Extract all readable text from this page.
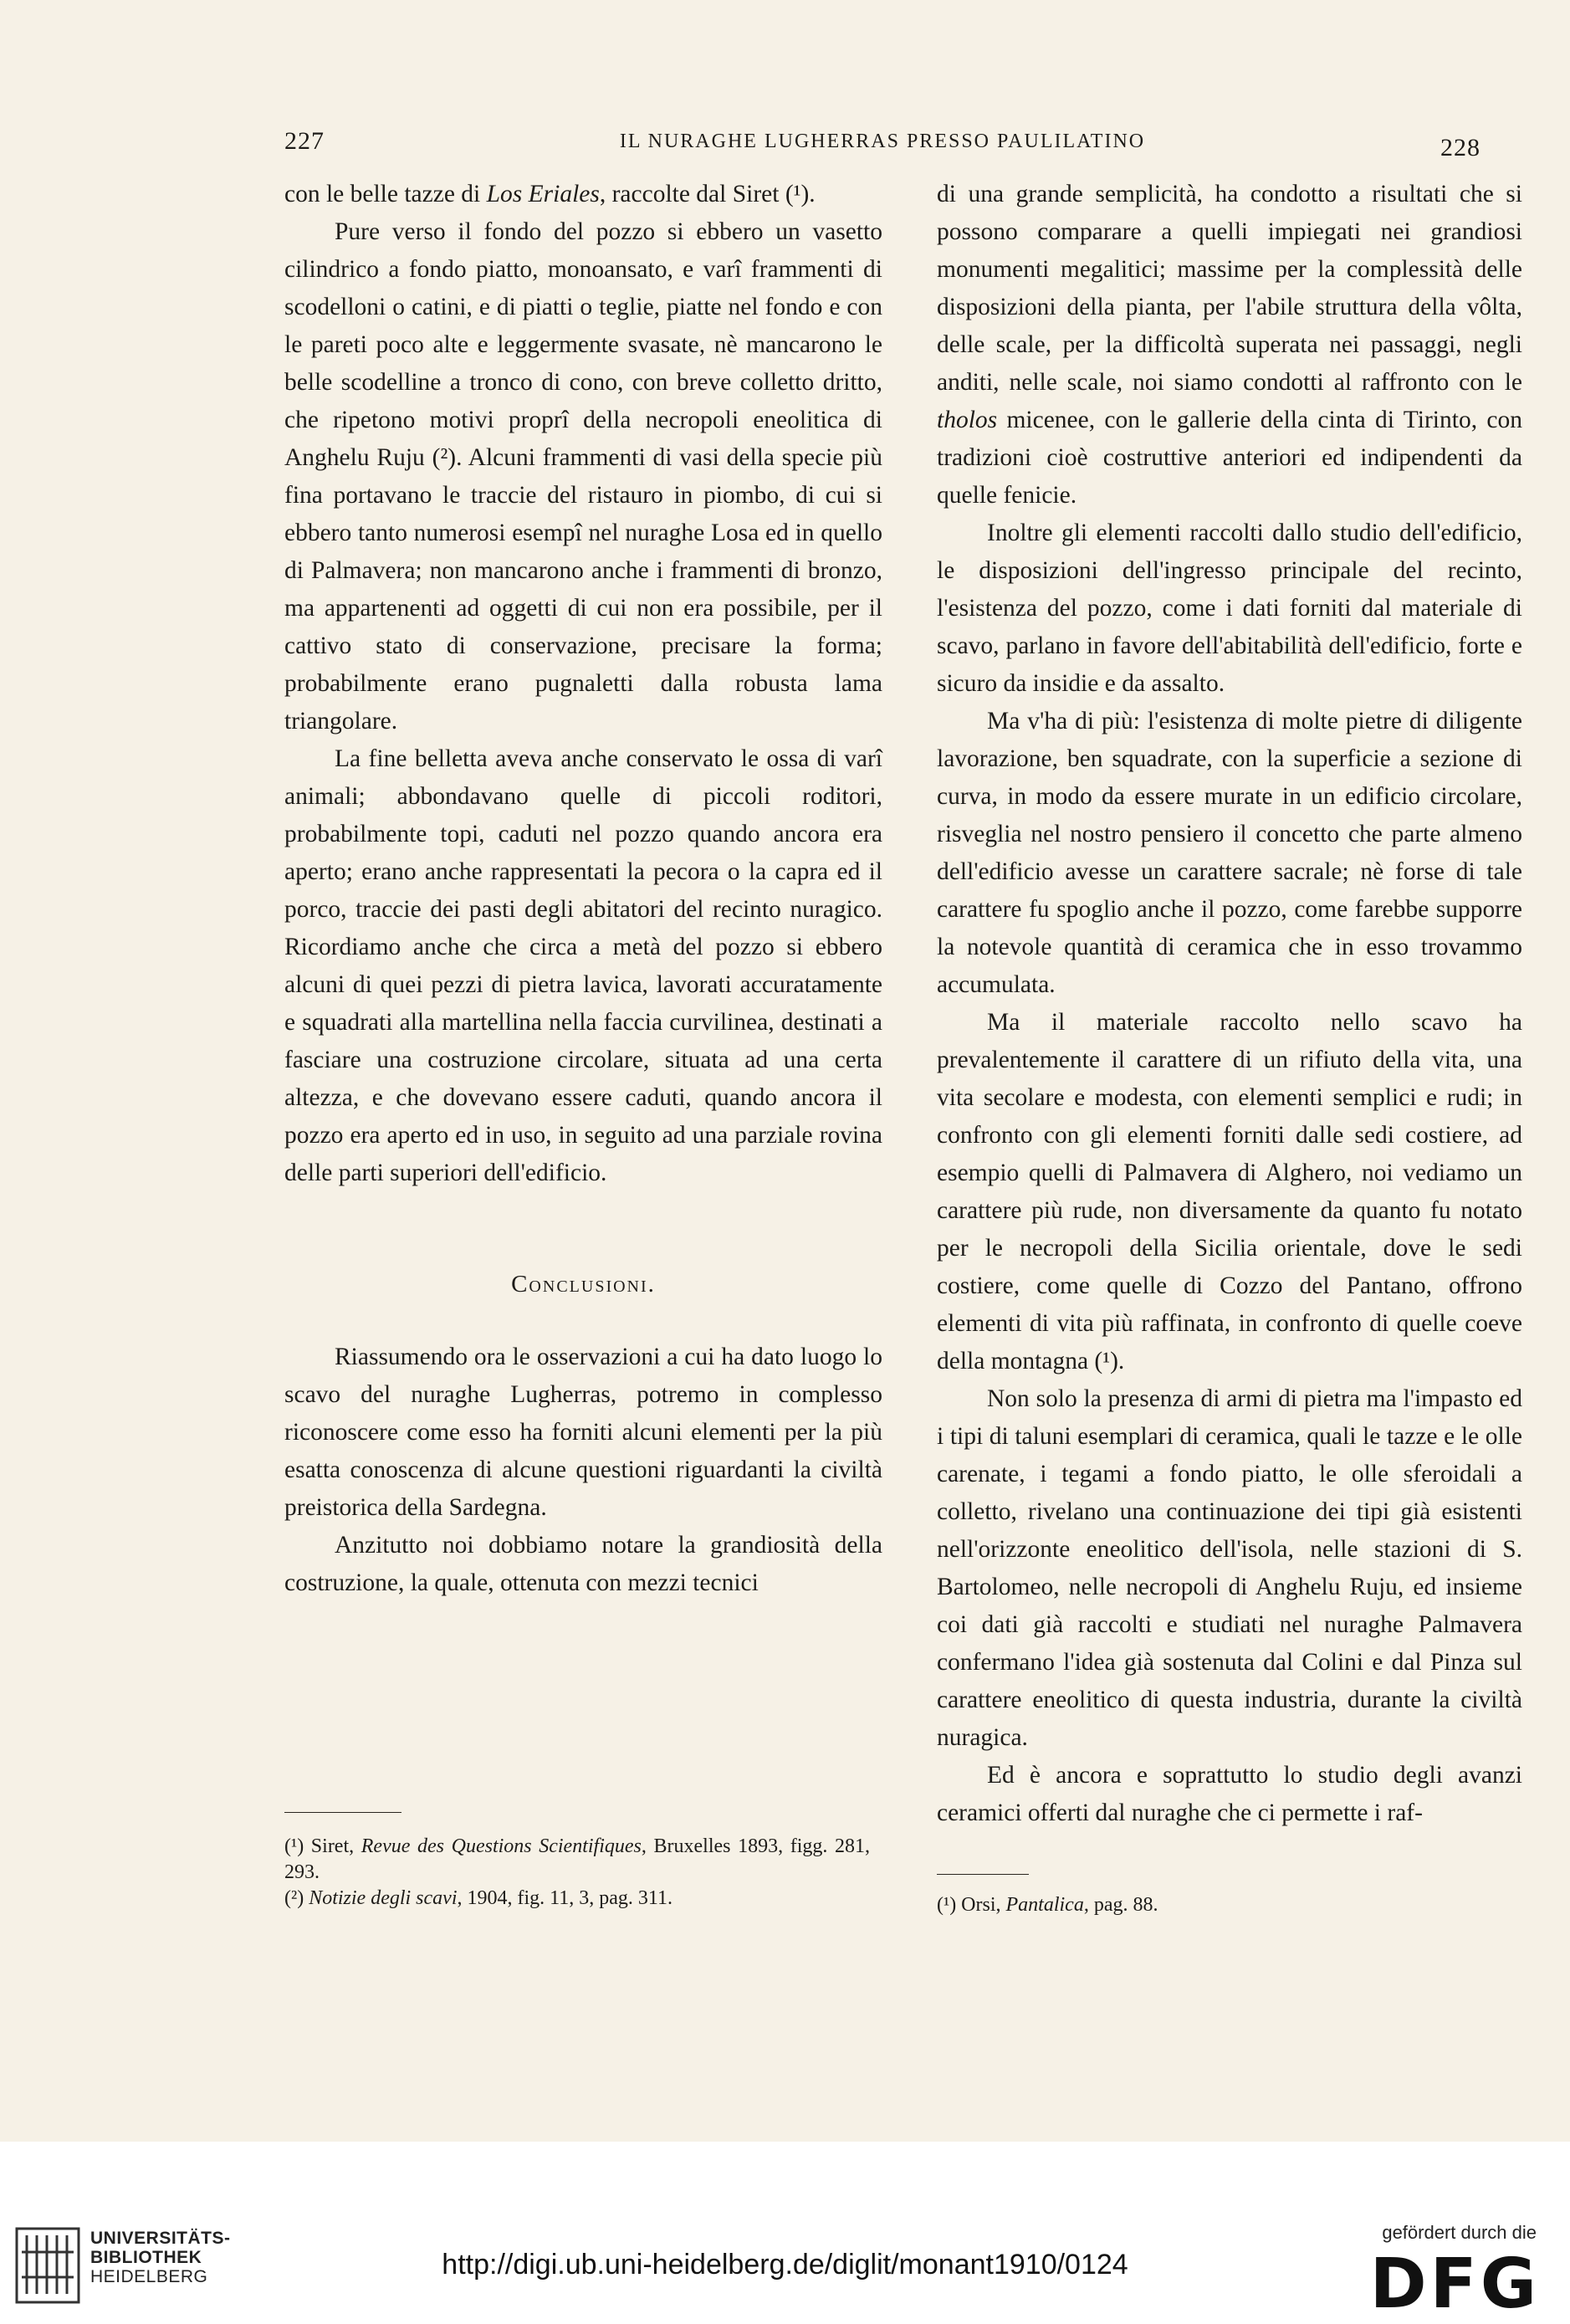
227	IL NURAGHE LUGHERRAS PRESSO PAULILATINO	228

con le belle tazze di Los Eriales, raccolte dal Siret (¹).

Pure verso il fondo del pozzo si ebbero un vasetto cilindrico a fondo piatto, monoansato, e varî frammenti di scodelloni o catini, e di piatti o teglie, piatte nel fondo e con le pareti poco alte e leggermente svasate, nè mancarono le belle scodelline a tronco di cono, con breve colletto dritto, che ripetono motivi proprî della necropoli eneolitica di Anghelu Ruju (²). Alcuni frammenti di vasi della specie più fina portavano le traccie del ristauro in piombo, di cui si ebbero tanto numerosi esempî nel nuraghe Losa ed in quello di Palmavera; non mancarono anche i frammenti di bronzo, ma appartenenti ad oggetti di cui non era possibile, per il cattivo stato di conservazione, precisare la forma; probabilmente erano pugnaletti dalla robusta lama triangolare.

La fine belletta aveva anche conservato le ossa di varî animali; abbondavano quelle di piccoli roditori, probabilmente topi, caduti nel pozzo quando ancora era aperto; erano anche rappresentati la pecora o la capra ed il porco, traccie dei pasti degli abitatori del recinto nuragico. Ricordiamo anche che circa a metà del pozzo si ebbero alcuni di quei pezzi di pietra lavica, lavorati accuratamente e squadrati alla martellina nella faccia curvilinea, destinati a fasciare una costruzione circolare, situata ad una certa altezza, e che dovevano essere caduti, quando ancora il pozzo era aperto ed in uso, in seguito ad una parziale rovina delle parti superiori dell'edificio.

Conclusioni.

Riassumendo ora le osservazioni a cui ha dato luogo lo scavo del nuraghe Lugherras, potremo in complesso riconoscere come esso ha forniti alcuni elementi per la più esatta conoscenza di alcune questioni riguardanti la civiltà preistorica della Sardegna.

Anzitutto noi dobbiamo notare la grandiosità della costruzione, la quale, ottenuta con mezzi tecnici

(¹) Siret, Revue des Questions Scientifiques, Bruxelles 1893, figg. 281, 293.

(²) Notizie degli scavi, 1904, fig. 11, 3, pag. 311.

di una grande semplicità, ha condotto a risultati che si possono comparare a quelli impiegati nei grandiosi monumenti megalitici; massime per la complessità delle disposizioni della pianta, per l'abile struttura della vôlta, delle scale, per la difficoltà superata nei passaggi, negli anditi, nelle scale, noi siamo condotti al raffronto con le tholos micenee, con le gallerie della cinta di Tirinto, con tradizioni cioè costruttive anteriori ed indipendenti da quelle fenicie.

Inoltre gli elementi raccolti dallo studio dell'edificio, le disposizioni dell'ingresso principale del recinto, l'esistenza del pozzo, come i dati forniti dal materiale di scavo, parlano in favore dell'abitabilità dell'edificio, forte e sicuro da insidie e da assalto.

Ma v'ha di più: l'esistenza di molte pietre di diligente lavorazione, ben squadrate, con la superficie a sezione di curva, in modo da essere murate in un edificio circolare, risveglia nel nostro pensiero il concetto che parte almeno dell'edificio avesse un carattere sacrale; nè forse di tale carattere fu spoglio anche il pozzo, come farebbe supporre la notevole quantità di ceramica che in esso trovammo accumulata.

Ma il materiale raccolto nello scavo ha prevalentemente il carattere di un rifiuto della vita, una vita secolare e modesta, con elementi semplici e rudi; in confronto con gli elementi forniti dalle sedi costiere, ad esempio quelli di Palmavera di Alghero, noi vediamo un carattere più rude, non diversamente da quanto fu notato per le necropoli della Sicilia orientale, dove le sedi costiere, come quelle di Cozzo del Pantano, offrono elementi di vita più raffinata, in confronto di quelle coeve della montagna (¹).

Non solo la presenza di armi di pietra ma l'impasto ed i tipi di taluni esemplari di ceramica, quali le tazze e le olle carenate, i tegami a fondo piatto, le olle sferoidali a colletto, rivelano una continuazione dei tipi già esistenti nell'orizzonte eneolitico dell'isola, nelle stazioni di S. Bartolomeo, nelle necropoli di Anghelu Ruju, ed insieme coi dati già raccolti e studiati nel nuraghe Palmavera confermano l'idea già sostenuta dal Colini e dal Pinza sul carattere eneolitico di questa industria, durante la civiltà nuragica.

Ed è ancora e soprattutto lo studio degli avanzi ceramici offerti dal nuraghe che ci permette i raf-

(¹) Orsi, Pantalica, pag. 88.

UNIVERSITÄTS-
BIBLIOTHEK
HEIDELBERG	http://digi.ub.uni-heidelberg.de/diglit/monant1910/0124
gefördert durch die
DFG
